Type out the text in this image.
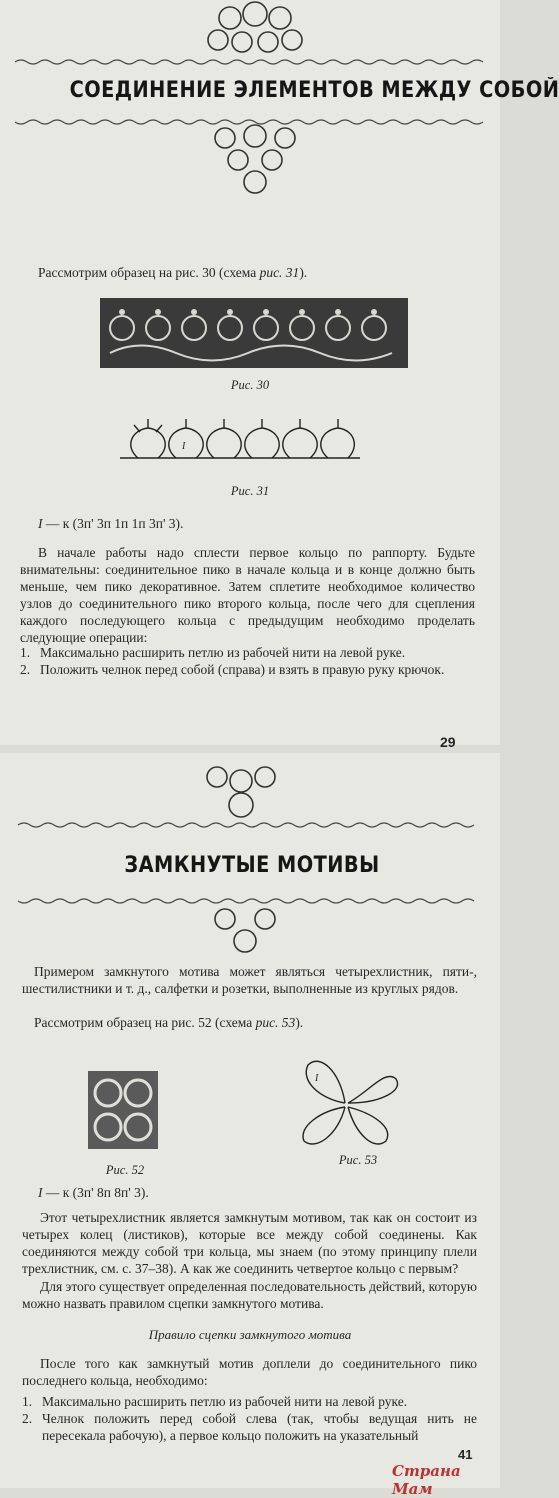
СОЕДИНЕНИЕ ЭЛЕМЕНТОВ МЕЖДУ СОБОЙ
Рассмотрим образец на рис. 30 (схема рис. 31).
Рис. 30
I
Рис. 31
I — к (3п' 3п 1п 1п 3п' 3).
В начале работы надо сплести первое кольцо по раппорту. Будьте внимательны: соединительное пико в начале кольца и в конце должно быть меньше, чем пико декоративное. Затем сплетите необходимое количество узлов до соединительного пико второго кольца, после чего для сцепления каждого последующего кольца с предыдущим необходимо проделать следующие операции:
1. Максимально расширить петлю из рабочей нити на левой руке.
2. Положить челнок перед собой (справа) и взять в правую руку крючок.
29
ЗАМКНУТЫЕ МОТИВЫ
Примером замкнутого мотива может являться четырехлистник, пяти-, шестилистники и т. д., салфетки и розетки, выполненные из круглых рядов.
Рассмотрим образец на рис. 52 (схема рис. 53).
Рис. 52
I
Рис. 53
I — к (3п' 8п 8п' 3).
Этот четырехлистник является замкнутым мотивом, так как он состоит из четырех колец (листиков), которые все между собой соединены. Как соединяются между собой три кольца, мы знаем (по этому принципу плели трехлистник, см. с. 37–38). А как же соединить четвертое кольцо с первым?
Для этого существует определенная последовательность действий, которую можно назвать правилом сцепки замкнутого мотива.
Правило сцепки замкнутого мотива
После того как замкнутый мотив доплели до соединительного пико последнего кольца, необходимо:
1. Максимально расширить петлю из рабочей нити на левой руке.
2. Челнок положить перед собой слева (так, чтобы ведущая нить не пересекала рабочую), а первое кольцо положить на указательный
41
Страна Мам
